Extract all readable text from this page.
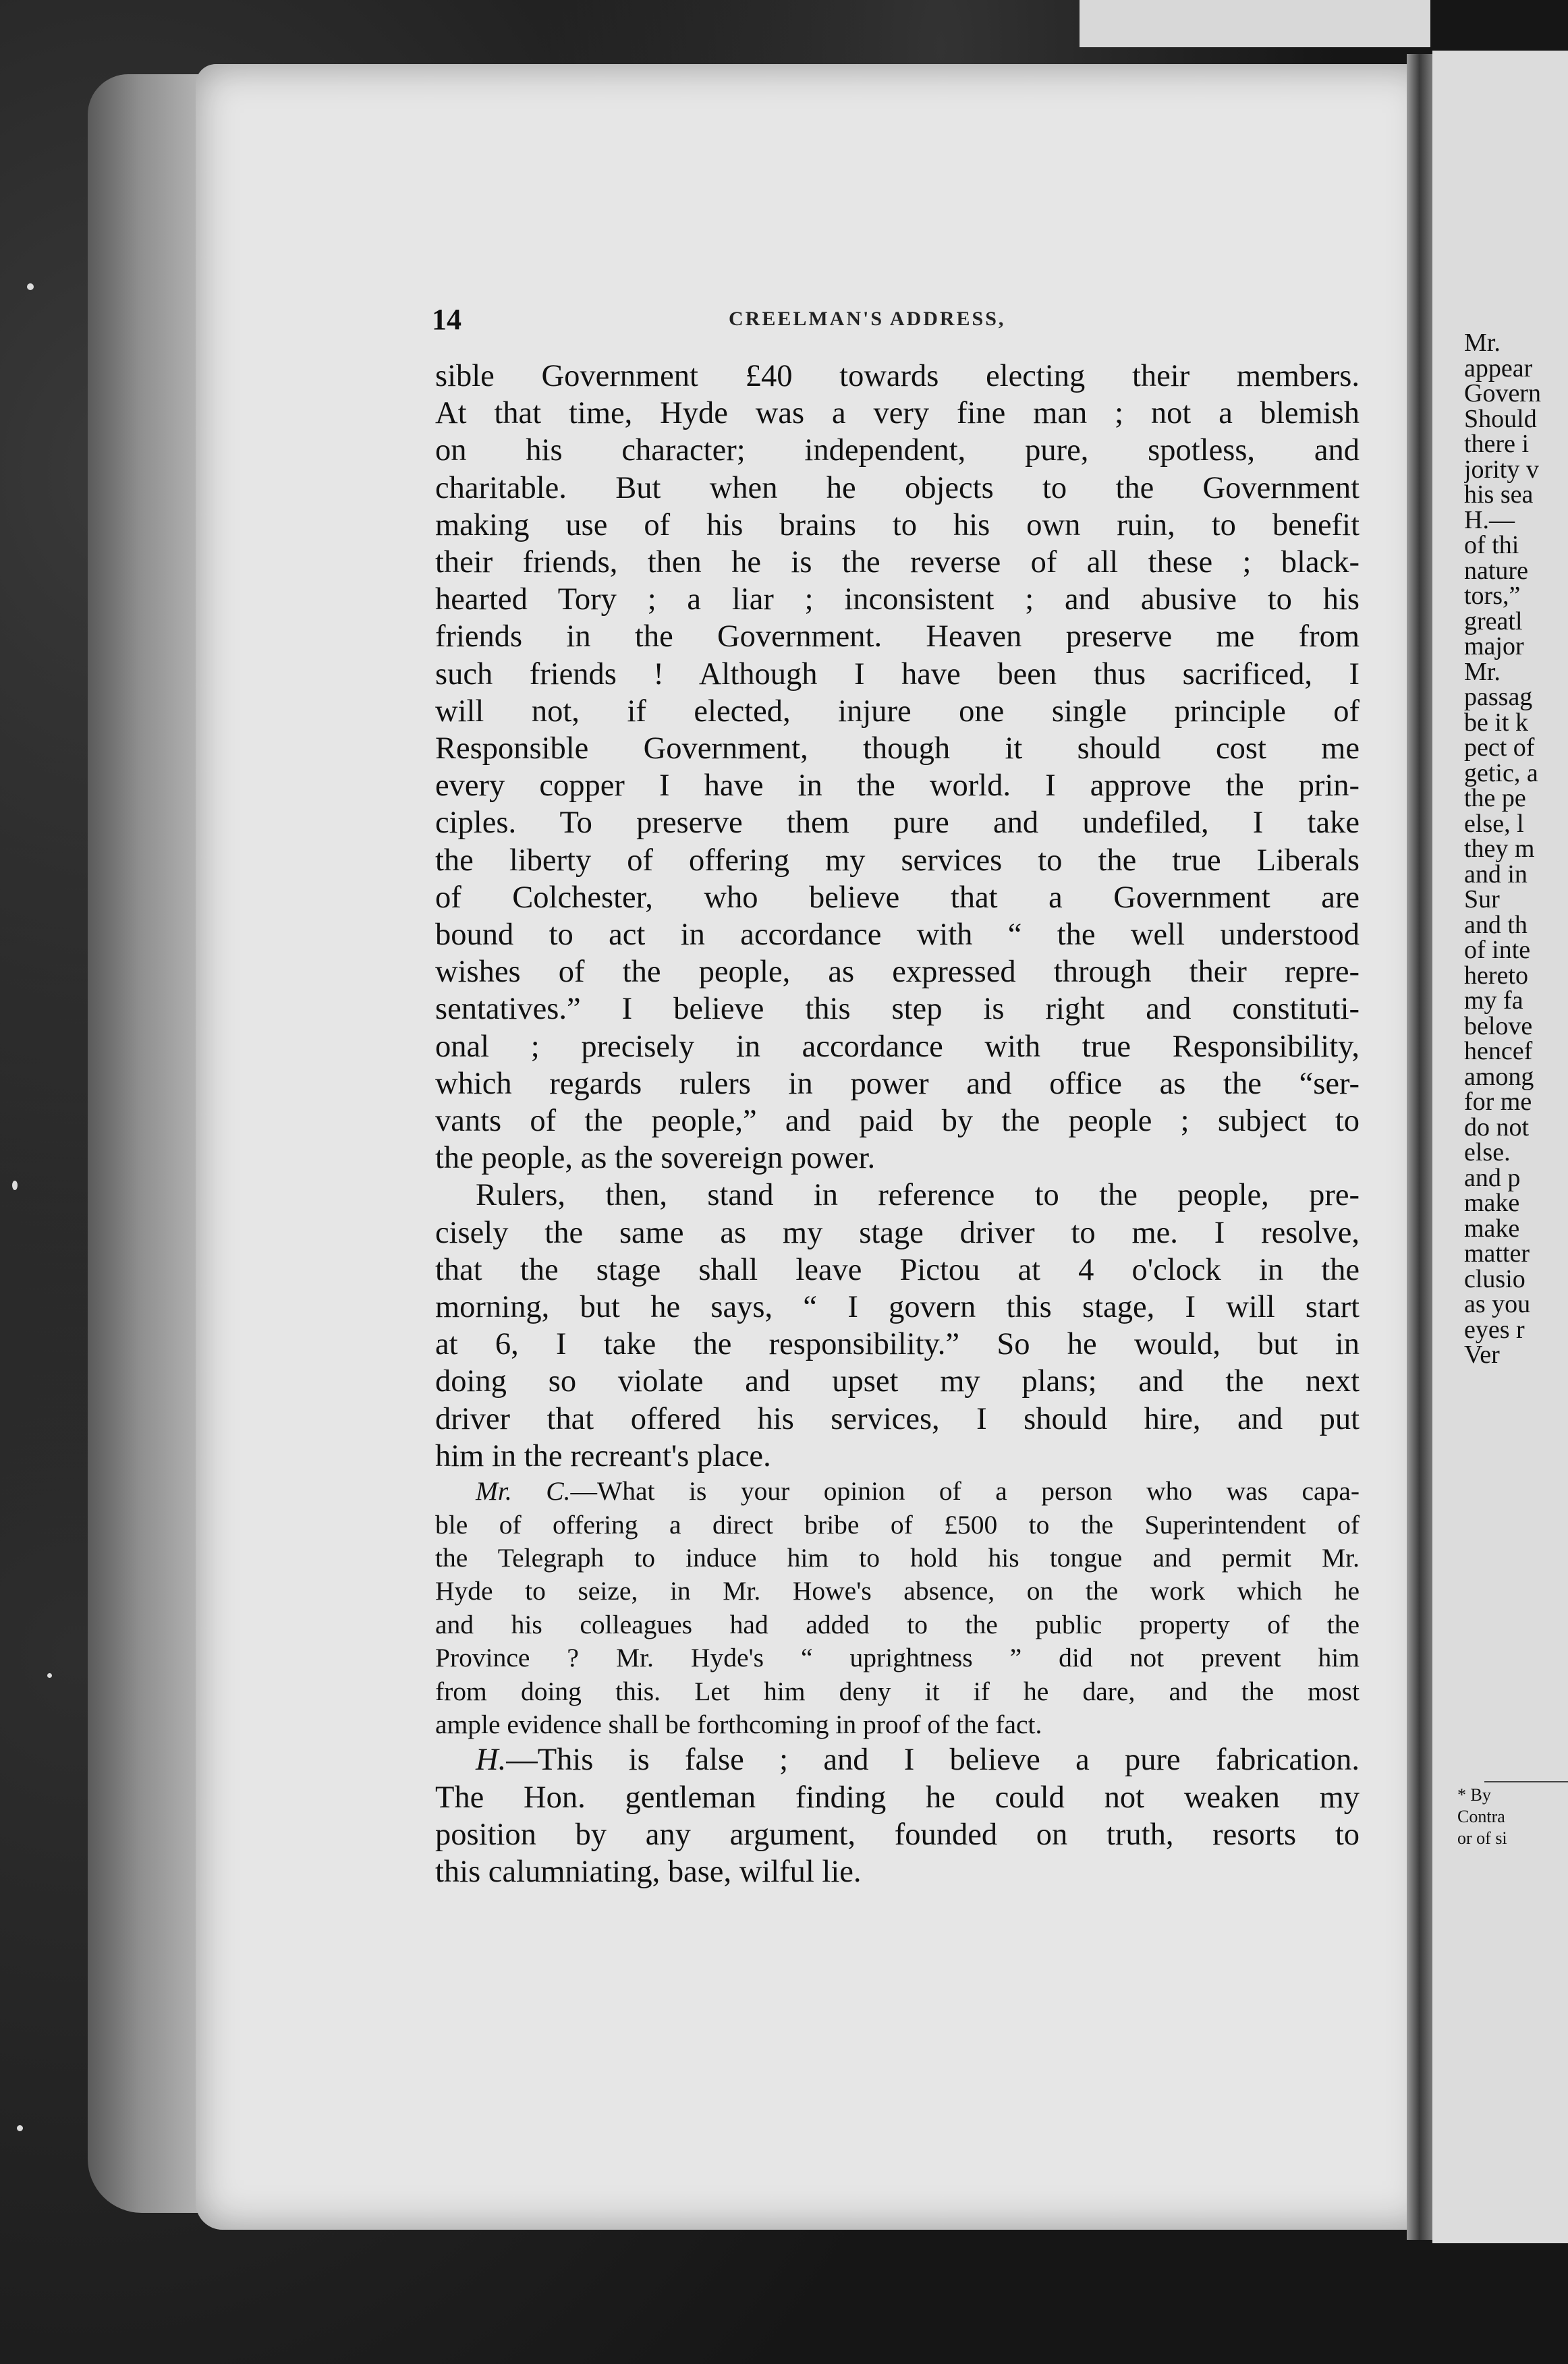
14	CREELMAN'S ADDRESS,

sible Government £40 towards electing their members.
At that time, Hyde was a very fine man ; not a blemish
on his character; independent, pure, spotless, and
charitable. But when he objects to the Government
making use of his brains to his own ruin, to benefit
their friends, then he is the reverse of all these ; black-
hearted Tory ; a liar ; inconsistent ; and abusive to his
friends in the Government. Heaven preserve me from
such friends ! Although I have been thus sacrificed, I
will not, if elected, injure one single principle of
Responsible Government, though it should cost me
every copper I have in the world. I approve the prin-
ciples. To preserve them pure and undefiled, I take
the liberty of offering my services to the true Liberals
of Colchester, who believe that a Government are
bound to act in accordance with “ the well understood
wishes of the people, as expressed through their repre-
sentatives.” I believe this step is right and constituti-
onal ; precisely in accordance with true Responsibility,
which regards rulers in power and office as the “ser-
vants of the people,” and paid by the people ; subject to
the people, as the sovereign power.

Rulers, then, stand in reference to the people, pre-
cisely the same as my stage driver to me. I resolve,
that the stage shall leave Pictou at 4 o'clock in the
morning, but he says, “ I govern this stage, I will start
at 6, I take the responsibility.” So he would, but in
doing so violate and upset my plans; and the next
driver that offered his services, I should hire, and put
him in the recreant's place.

Mr. C.—What is your opinion of a person who was capa-
ble of offering a direct bribe of £500 to the Superintendent of
the Telegraph to induce him to hold his tongue and permit Mr.
Hyde to seize, in Mr. Howe's absence, on the work which he
and his colleagues had added to the public property of the
Province ? Mr. Hyde's “ uprightness ” did not prevent him
from doing this. Let him deny it if he dare, and the most
ample evidence shall be forthcoming in proof of the fact.

H.—This is false ; and I believe a pure fabrication.
The Hon. gentleman finding he could not weaken my
position by any argument, founded on truth, resorts to
this calumniating, base, wilful lie.

Mr.
appear
Govern
Should
there i
jority v
his sea
H.—
of thi
nature
tors,”
greatl
major
Mr.
passag
be it k
pect of
getic, a
the pe
else, l
they m
and in
Sur
and th
of inte
hereto
my fa
belove
hencef
among
for me
do not
else.
and p
make
make
matter
clusio
as you
eyes r
Ver
* By
Contra
or of si
